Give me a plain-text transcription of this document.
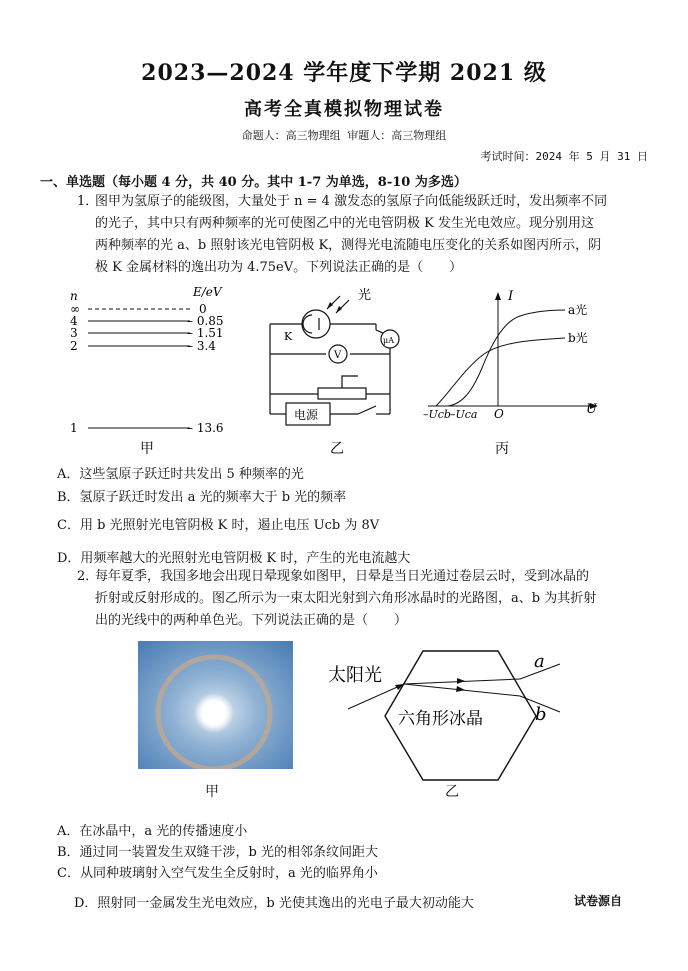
2023—2024 学年度下学期 2021 级
高考全真模拟物理试卷
命题人：高三物理组 审题人：高三物理组
考试时间：2024 年 5 月 31 日
一、单选题（每小题 4 分，共 40 分。其中 1-7 为单选，8-10 为多选）
1．
图甲为氢原子的能级图，大量处于 n = 4 激发态的氢原子向低能级跃迁时，发出频率不同
的光子，其中只有两种频率的光可使图乙中的光电管阴极 K 发生光电效应。现分别用这
两种频率的光 a、b 照射该光电管阴极 K，测得光电流随电压变化的关系如图丙所示，阴
极 K 金属材料的逸出功为 4.75eV。下列说法正确的是（　　）
n	E/eV
∞
4
3
2
1
0
– 0.85
– 1.51
– 3.4
– 13.6
甲
光
K
V
μA
电源
乙
I
U
O
a光
b光
–Ucb –Uca
丙
A．这些氢原子跃迁时共发出 5 种频率的光
B．氢原子跃迁时发出 a 光的频率大于 b 光的频率
C．用 b 光照射光电管阴极 K 时，遏止电压 Ucb 为 8V
D．用频率越大的光照射光电管阴极 K 时，产生的光电流越大
2．
每年夏季，我国多地会出现日晕现象如图甲，日晕是当日光通过卷层云时，受到冰晶的
折射或反射形成的。图乙所示为一束太阳光射到六角形冰晶时的光路图，a、b 为其折射
出的光线中的两种单色光。下列说法正确的是（　　）
甲
太阳光
六角形冰晶
a
b
乙
A．在冰晶中，a 光的传播速度小
B．通过同一装置发生双缝干涉，b 光的相邻条纹间距大
C．从同种玻璃射入空气发生全反射时，a 光的临界角小
D．照射同一金属发生光电效应，b 光使其逸出的光电子最大初动能大	试卷源自
